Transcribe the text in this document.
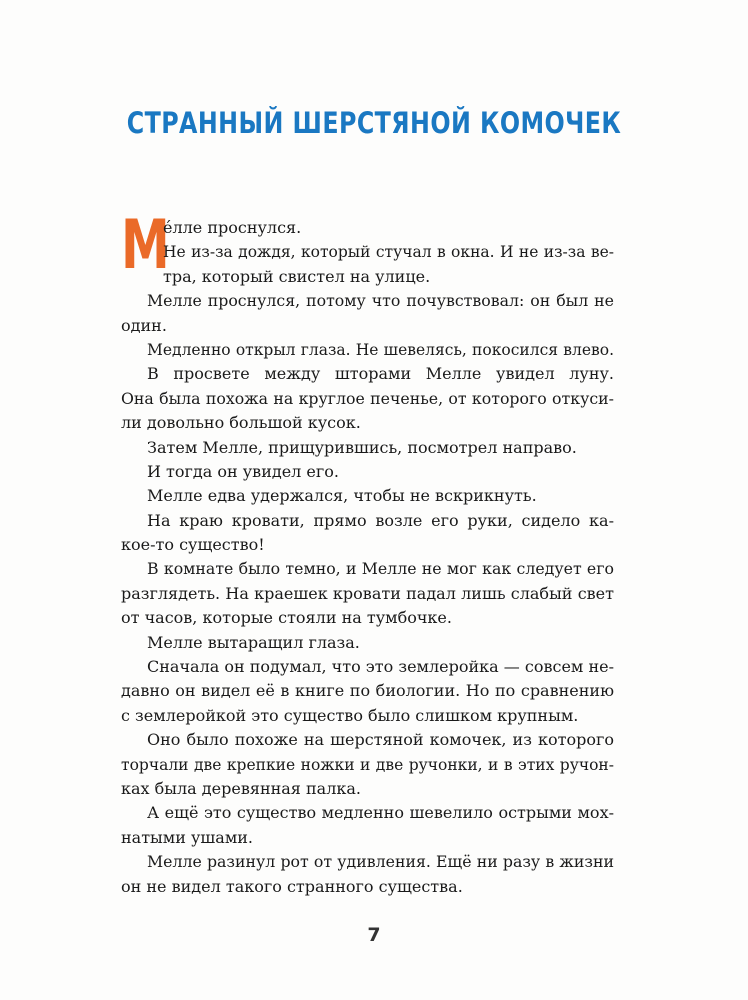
СТРАННЫЙ ШЕРСТЯНОЙ КОМОЧЕК
М
éлле проснулся.
Не из-за дождя, который стучал в окна. И не из-за ве-
тра, который свистел на улице.
Мелле проснулся, потому что почувствовал: он был не
один.
Медленно открыл глаза. Не шевелясь, покосился влево.
В просвете между шторами Мелле увидел луну.
Она была похожа на круглое печенье, от которого откуси-
ли довольно большой кусок.
Затем Мелле, прищурившись, посмотрел направо.
И тогда он увидел его.
Мелле едва удержался, чтобы не вскрикнуть.
На краю кровати, прямо возле его руки, сидело ка-
кое-то существо!
В комнате было темно, и Мелле не мог как следует его
разглядеть. На краешек кровати падал лишь слабый свет
от часов, которые стояли на тумбочке.
Мелле вытаращил глаза.
Сначала он подумал, что это землеройка — совсем не-
давно он видел её в книге по биологии. Но по сравнению
с землеройкой это существо было слишком крупным.
Оно было похоже на шерстяной комочек, из которого
торчали две крепкие ножки и две ручонки, и в этих ручон-
ках была деревянная палка.
А ещё это существо медленно шевелило острыми мох-
натыми ушами.
Мелле разинул рот от удивления. Ещё ни разу в жизни
он не видел такого странного существа.
7
